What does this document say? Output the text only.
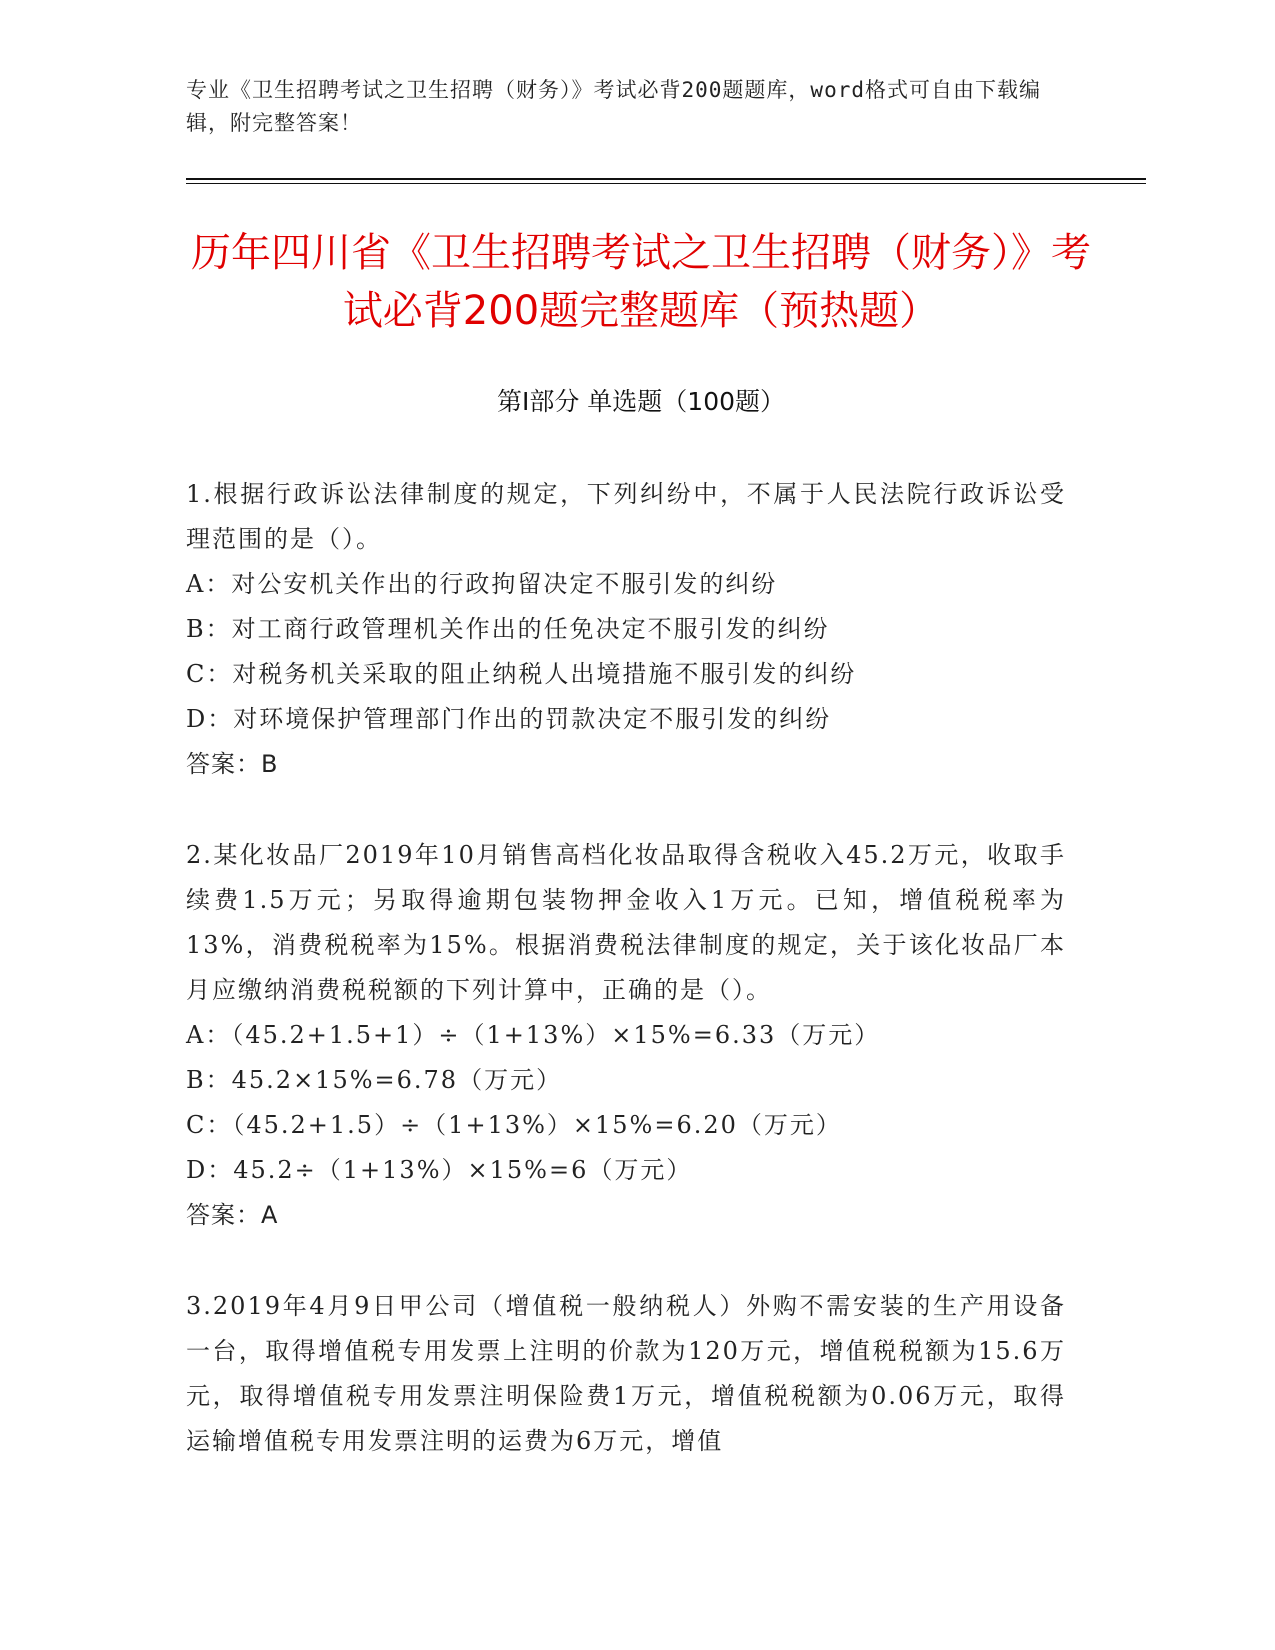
专业《卫生招聘考试之卫生招聘（财务）》考试必背200题题库，word格式可自由下载编辑，附完整答案！
历年四川省《卫生招聘考试之卫生招聘（财务）》考试必背200题完整题库（预热题）
第Ⅰ部分 单选题（100题）
1.根据行政诉讼法律制度的规定，下列纠纷中，不属于人民法院行政诉讼受理范围的是（）。
A：对公安机关作出的行政拘留决定不服引发的纠纷
B：对工商行政管理机关作出的任免决定不服引发的纠纷
C：对税务机关采取的阻止纳税人出境措施不服引发的纠纷
D：对环境保护管理部门作出的罚款决定不服引发的纠纷
答案：B
2.某化妆品厂2019年10月销售高档化妆品取得含税收入45.2万元，收取手续费1.5万元；另取得逾期包装物押金收入1万元。已知，增值税税率为13%，消费税税率为15%。根据消费税法律制度的规定，关于该化妆品厂本月应缴纳消费税税额的下列计算中，正确的是（）。
A：（45.2+1.5+1）÷（1+13%）×15%=6.33（万元）
B：45.2×15%=6.78（万元）
C：（45.2+1.5）÷（1+13%）×15%=6.20（万元）
D：45.2÷（1+13%）×15%=6（万元）
答案：A
3.2019年4月9日甲公司（增值税一般纳税人）外购不需安装的生产用设备一台，取得增值税专用发票上注明的价款为120万元，增值税税额为15.6万元，取得增值税专用发票注明保险费1万元，增值税税额为0.06万元，取得运输增值税专用发票注明的运费为6万元，增值
